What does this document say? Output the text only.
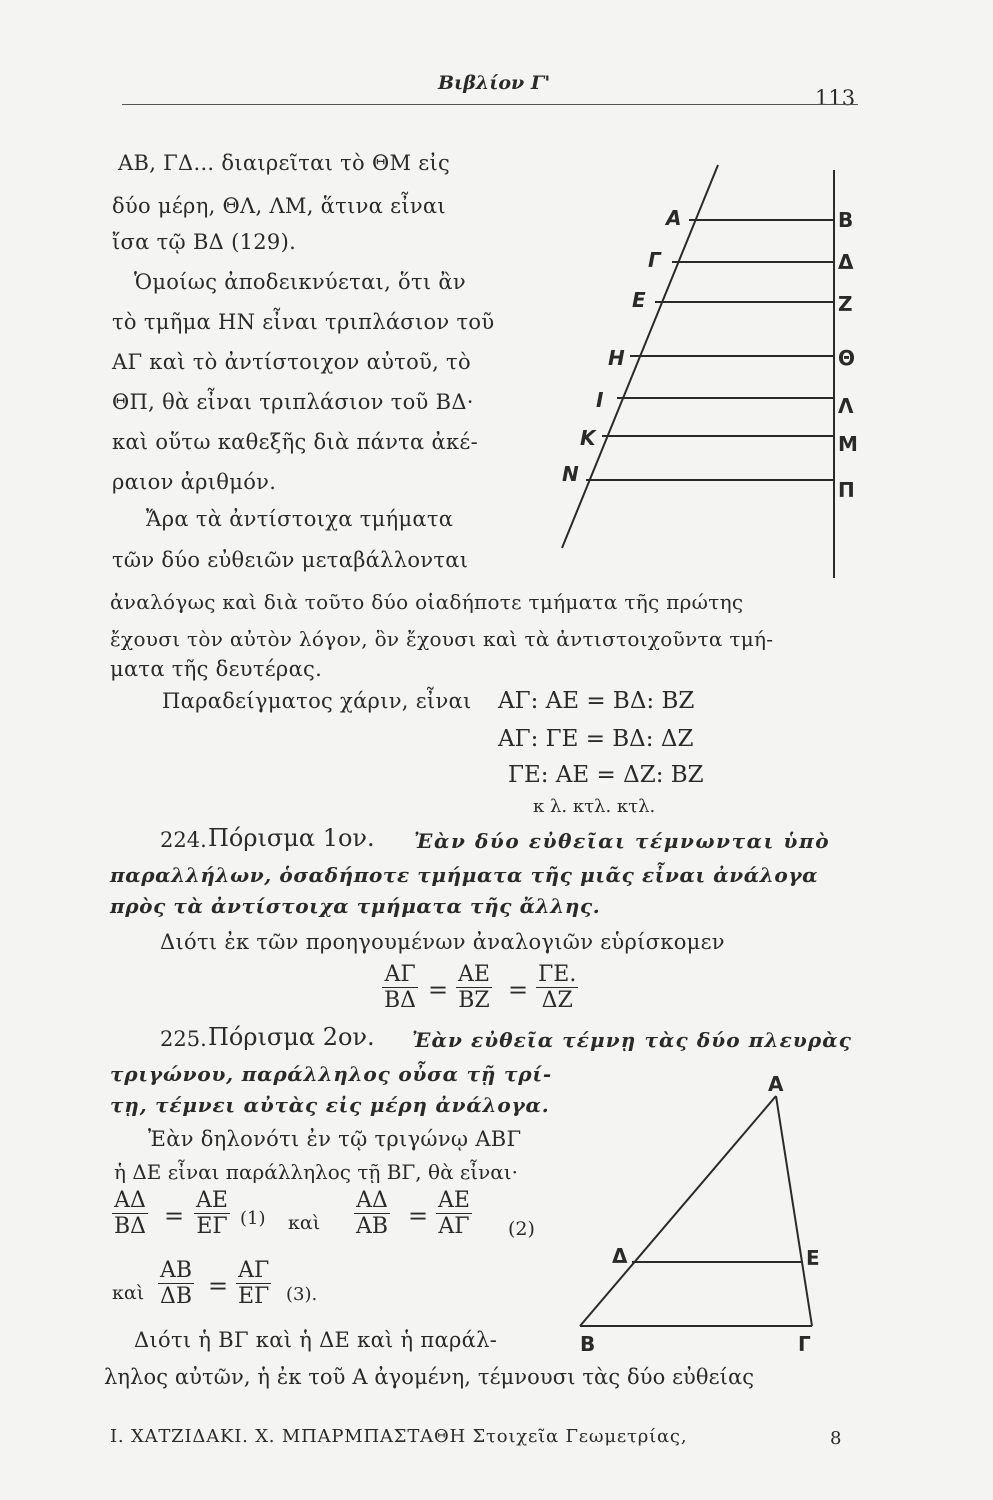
Βιβλίον Γ'
113
ΑΒ, ΓΔ... διαιρεῖται τὸ ΘΜ εἰς
δύο μέρη, ΘΛ, ΛΜ, ἅτινα εἶναι
ἴσα τῷ ΒΔ (129).
Ὁμοίως ἀποδεικνύεται, ὅτι ἂν
τὸ τμῆμα ΗΝ εἶναι τριπλάσιον τοῦ
ΑΓ καὶ τὸ ἀντίστοιχον αὐτοῦ, τὸ
ΘΠ, θὰ εἶναι τριπλάσιον τοῦ ΒΔ·
καὶ οὕτω καθεξῆς διὰ πάντα ἀκέ-
ραιον ἀριθμόν.
Ἄρα τὰ ἀντίστοιχα τμήματα
τῶν δύο εὐθειῶν μεταβάλλονται
ἀναλόγως καὶ διὰ τοῦτο δύο οἱαδήποτε τμήματα τῆς πρώτης
ἔχουσι τὸν αὐτὸν λόγον, ὃν ἔχουσι καὶ τὰ ἀντιστοιχοῦντα τμή-
ματα τῆς δευτέρας.
Παραδείγματος χάριν, εἶναι ΑΓ: ΑΕ = ΒΔ: ΒΖ
ΑΓ: ΓΕ = ΒΔ: ΔΖ
ΓΕ: ΑΕ = ΔΖ: ΒΖ
κ λ. κτλ. κτλ.
224. Πόρισμα 1ον. Ἐὰν δύο εὐθεῖαι τέμνωνται ὑπὸ
παραλλήλων, ὁσαδήποτε τμήματα τῆς μιᾶς εἶναι ἀνάλογα
πρὸς τὰ ἀντίστοιχα τμήματα τῆς ἄλλης.
Διότι ἐκ τῶν προηγουμένων ἀναλογιῶν εὑρίσκομεν
$\frac{A\Gamma}{B\Delta} = \frac{AE}{BZ} = \frac{\Gamma E.}{\Delta Z}$
225. Πόρισμα 2ον. Ἐὰν εὐθεῖα τέμνῃ τὰς δύο πλευρὰς
τριγώνου, παράλληλος οὖσα τῇ τρί-
τῃ, τέμνει αὐτὰς εἰς μέρη ἀνάλογα.
Ἐὰν δηλονότι ἐν τῷ τριγώνῳ ΑΒΓ
ἡ ΔΕ εἶναι παράλληλος τῇ ΒΓ, θὰ εἶναι·
$\frac{A\Delta}{B\Delta} = \frac{AE}{E\Gamma} (1)$ καὶ $\frac{A\Delta}{AB} = \frac{AE}{A\Gamma} (2)$
καὶ $\frac{AB}{\Delta B} = \frac{A\Gamma}{E\Gamma} (3)$.
Διότι ἡ ΒΓ καὶ ἡ ΔΕ καὶ ἡ παράλ-
ληλος αὐτῶν, ἡ ἐκ τοῦ Α ἀγομένη, τέμνουσι τὰς δύο εὐθείας
Ι. ΧΑΤΖΙΔΑΚΙ. Χ. ΜΠΑΡΜΠΑΣΤΑΘΗ Στοιχεῖα Γεωμετρίας,	8
Α
Γ
Ε
Η
Ι
Κ
Ν
Β
Δ
Ζ
Θ
Λ
Μ
Π
Α
Δ	Ε
Β	Γ
